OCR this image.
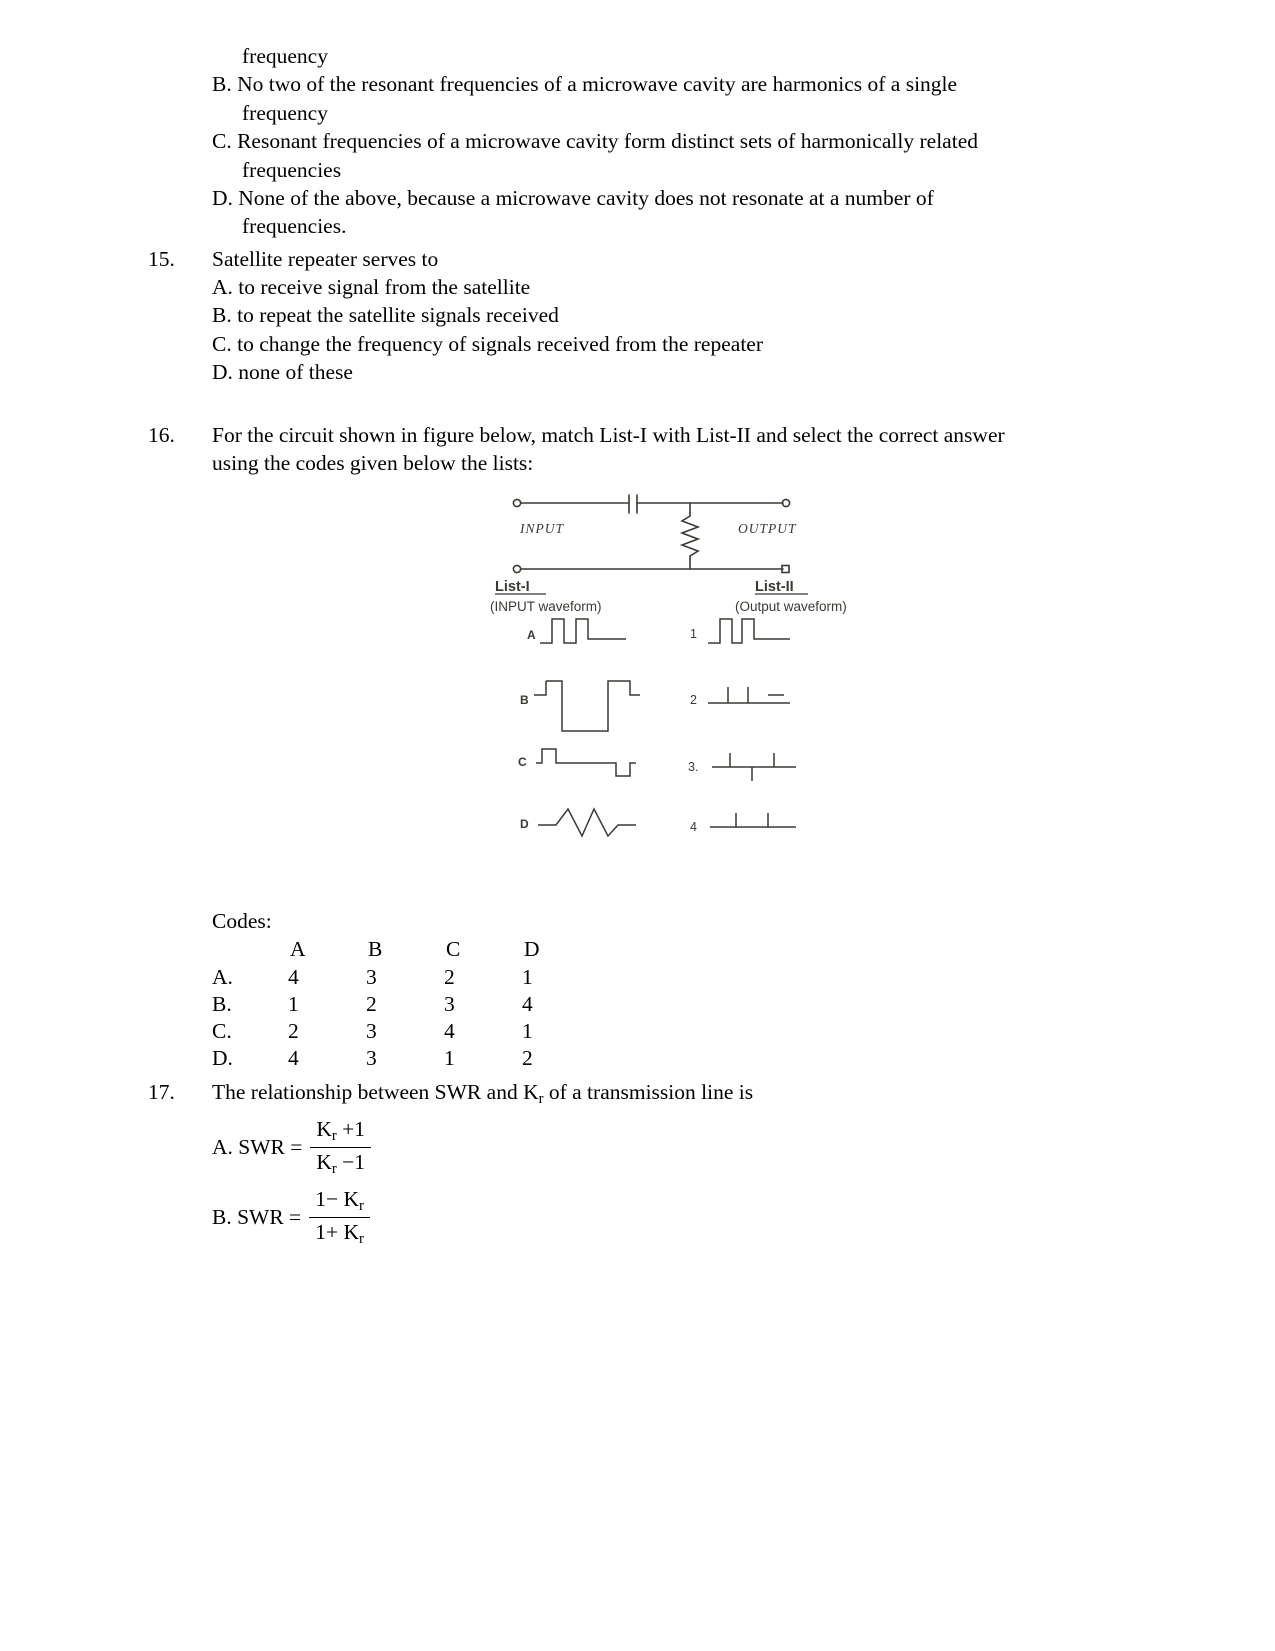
frequency
B. No two of the resonant frequencies of a microwave cavity are harmonics of a single
frequency
C. Resonant frequencies of a microwave cavity form distinct sets of harmonically related
frequencies
D. None of the above, because a microwave cavity does not resonate at a number of
frequencies.
15.	Satellite repeater serves to
A. to receive signal from the satellite
B. to repeat the satellite signals received
C. to change the frequency of signals received from the repeater
D. none of these
16.	For the circuit shown in figure below, match List-I with List-II and select the correct answer
using the codes given below the lists:
INPUT	OUTPUT
List-I
(INPUT waveform)
List-II
(Output waveform)
A
B
C
D
1
2
3.
4
Codes:
	A	B	C	D
A.	4	3	2	1
B.	1	2	3	4
C.	2	3	4	1
D.	4	3	1	2
17.	The relationship between SWR and $K_r$ of a transmission line is
A. SWR = $\frac{K_r +1}{K_r -1}$
B. SWR = $\frac{1- K_r}{1+ K_r}$
